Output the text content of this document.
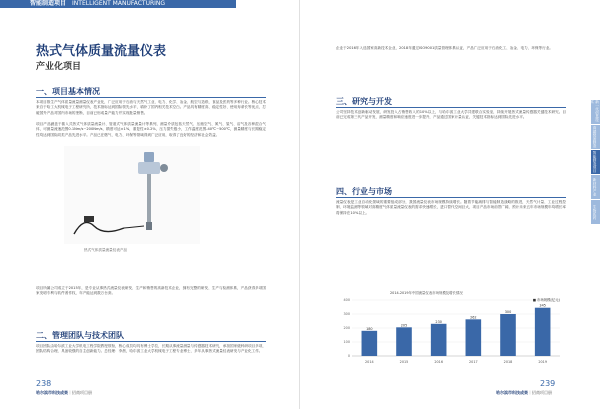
智能制造项目 INTELLIGENT MANUFACTURING
热式气体质量流量仪表
产业化项目
一、项目基本情况
本项目推生产气体质量流量测量仪表产业化，广泛应用于石油与天然气工业、电力、化学、冶金、航空与造纸、食品及医药等多种行业。核心技术来自于哈工大机械电子工程研究所，技术指标达到国际领先水平，填补了国内相关技术空白。产品具有精度高、稳定性好、使用寿命长等优点，打破国外产品对国内市场的垄断，目前已形成量产能力并实现批量销售。
项目产品涵盖于插入式热式气体质量流量计、管道式气体质量流量计等系列，测量介质包括天然气、压缩空气、氮气、氢气、沼气及各种混合气体，可测量流速范围0.1Nm/s~200Nm/s，精度可达±1%，重复性±0.2%，压力损失极小，工作温度范围-40℃~500℃，测量精度与长期稳定性均达到国际同类产品先进水平。产品已在燃气、电力、环保等领域得到广泛应用，取得了良好的经济和社会效益。
热式气体质量流量仪表产品
项目所属公司成立于2015年，是专业从事热式流量仪表研发、生产和销售的高新技术企业，拥有完整的研发、生产与检测体系，产品获得多项国家发明专利与软件著作权，年产能达到数万台套。
二、管理团队与技术团队
项目团队由哈尔滨工业大学机电工程学院教授领衔，核心成员均具有博士学位，长期从事流量测量与传感器技术研究，承担国家级科研项目多项，团队结构合理，具备较强的自主创新能力。总经理：李晨，哈尔滨工业大学机械电子工程专业博士，多年从事热式流量仪表研发与产业化工作。
238
哈尔滨市科技成果｜招商项目册
企业于2016年入选国家高新技术企业，2018年通过ISO9001质量管理体系认证，产品广泛应用于石油化工、冶金、电力、环保等行业。
三、研究与开发
公司坚持技术创新驱动发展，研发投入占销售收入的10%以上，与哈尔滨工业大学共建联合实验室，持续开展热式流量传感器关键技术研究。目前已完成第三代产品开发，测量精度和响应速度进一步提升，产品通过国家计量认证，关键技术指标达到国际先进水平。
四、行业与市场
流量仪表是工业自动化领域的重要组成部分，我国流量仪表市场规模持续增长。随着节能减排与智能制造战略的推进，天然气计量、工业过程控制、环境监测等领域对高精度气体质量流量仪表的需求快速增长，进口替代空间巨大，项目产品市场前景广阔，预计未来五年市场规模年均增长率将保持在10%以上。
2014-2019年中国流量仪表市场规模及增长情况
0
100
200
300
400
180
2014
205
2015
230
2016
262
2017
300
2018
345
2019
■ 市场规模(亿元)
239
哈尔滨市科技成果｜招商项目册
新一代信息技术
高端装备制造
智能制造项目
新材料产业
生物医药
